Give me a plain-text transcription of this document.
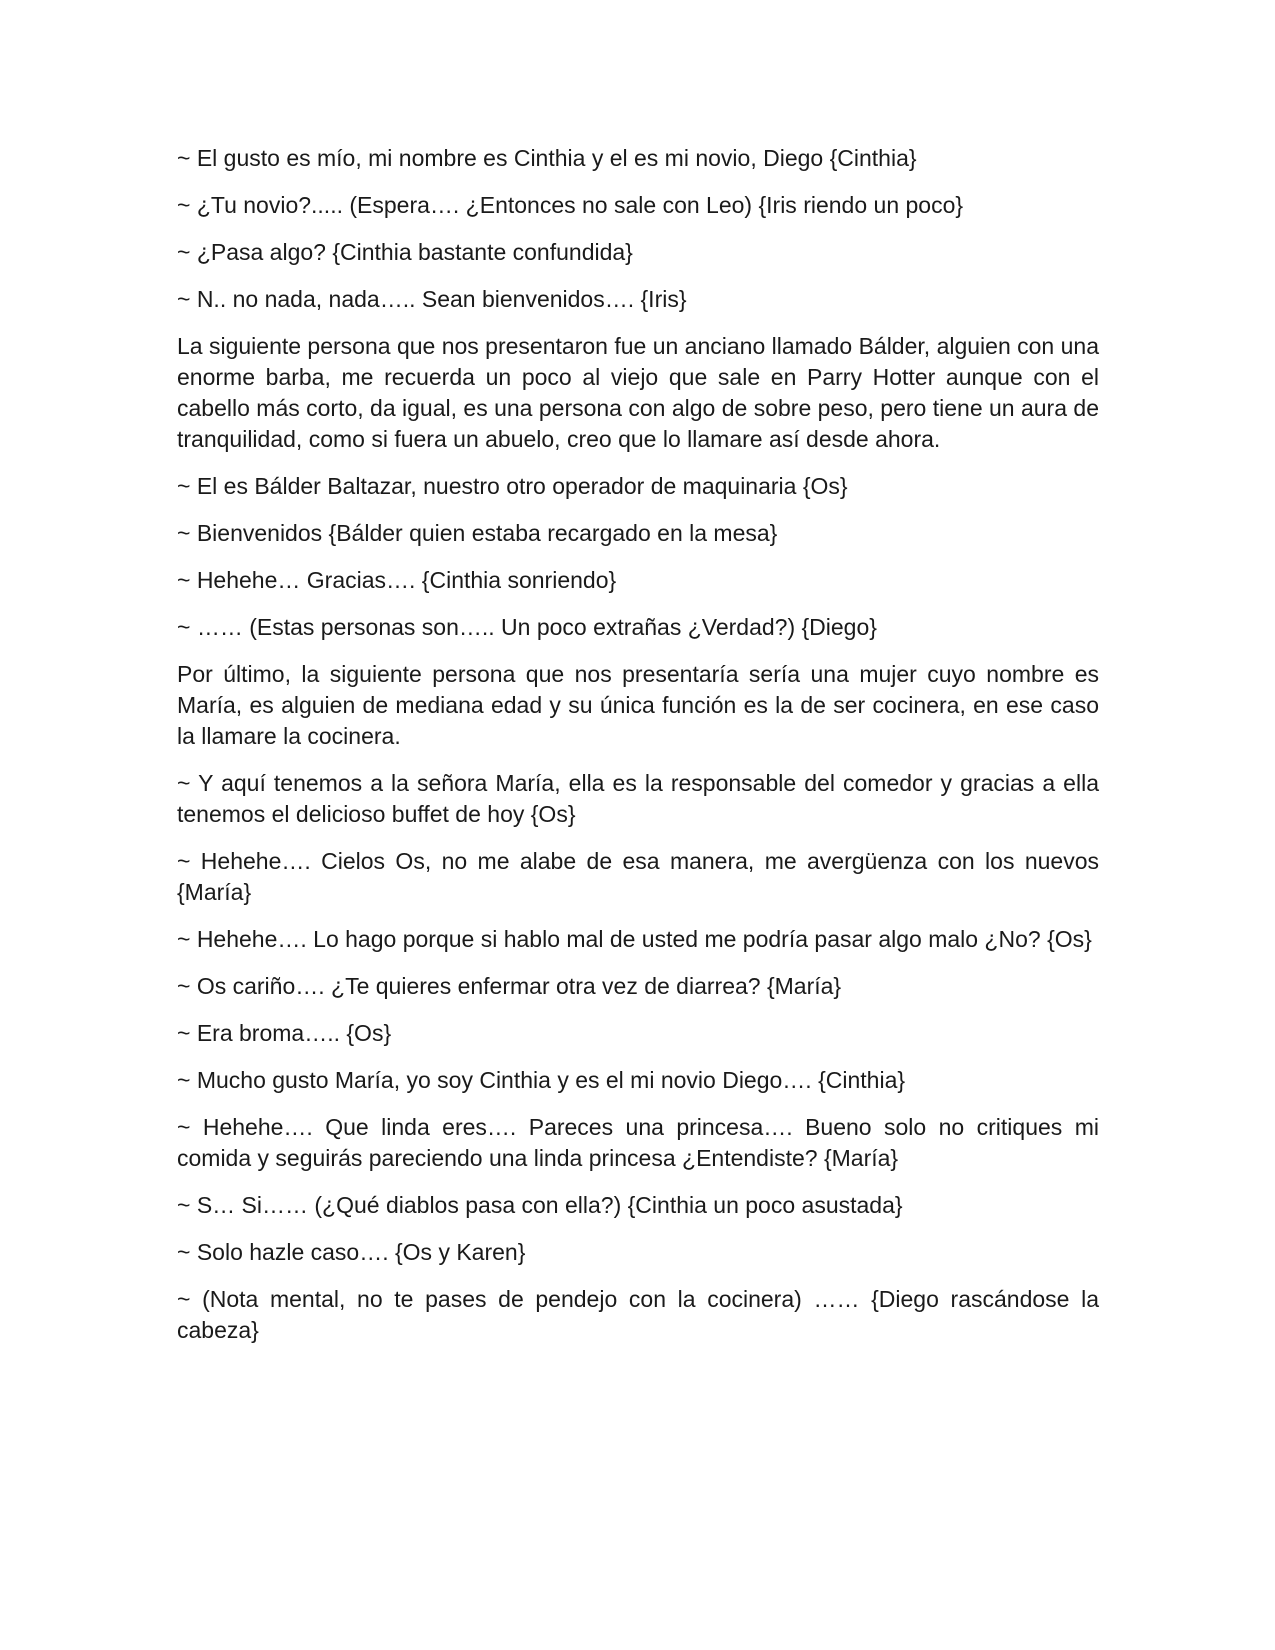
~ El gusto es mío, mi nombre es Cinthia y el es mi novio, Diego {Cinthia}

~ ¿Tu novio?..... (Espera…. ¿Entonces no sale con Leo) {Iris riendo un poco}

~ ¿Pasa algo? {Cinthia bastante confundida}

~ N.. no nada, nada….. Sean bienvenidos…. {Iris}

La siguiente persona que nos presentaron fue un anciano llamado Bálder, alguien con una enorme barba, me recuerda un poco al viejo que sale en Parry Hotter aunque con el cabello más corto, da igual, es una persona con algo de sobre peso, pero tiene un aura de tranquilidad, como si fuera un abuelo, creo que lo llamare así desde ahora.

~ El es Bálder Baltazar, nuestro otro operador de maquinaria {Os}

~ Bienvenidos {Bálder quien estaba recargado en la mesa}

~ Hehehe… Gracias…. {Cinthia sonriendo}

~ …… (Estas personas son….. Un poco extrañas ¿Verdad?) {Diego}

Por último, la siguiente persona que nos presentaría sería una mujer cuyo nombre es María, es alguien de mediana edad y su única función es la de ser cocinera, en ese caso la llamare la cocinera.

~ Y aquí tenemos a la señora María, ella es la responsable del comedor y gracias a ella tenemos el delicioso buffet de hoy {Os}

~ Hehehe…. Cielos Os, no me alabe de esa manera, me avergüenza con los nuevos {María}

~ Hehehe…. Lo hago porque si hablo mal de usted me podría pasar algo malo ¿No? {Os}

~ Os cariño…. ¿Te quieres enfermar otra vez de diarrea? {María}

~ Era broma….. {Os}

~ Mucho gusto María, yo soy Cinthia y es el mi novio Diego…. {Cinthia}

~ Hehehe…. Que linda eres…. Pareces una princesa…. Bueno solo no critiques mi comida y seguirás pareciendo una linda princesa ¿Entendiste? {María}

~ S… Si…… (¿Qué diablos pasa con ella?) {Cinthia un poco asustada}

~ Solo hazle caso…. {Os y Karen}

~ (Nota mental, no te pases de pendejo con la cocinera) …… {Diego rascándose la cabeza}
